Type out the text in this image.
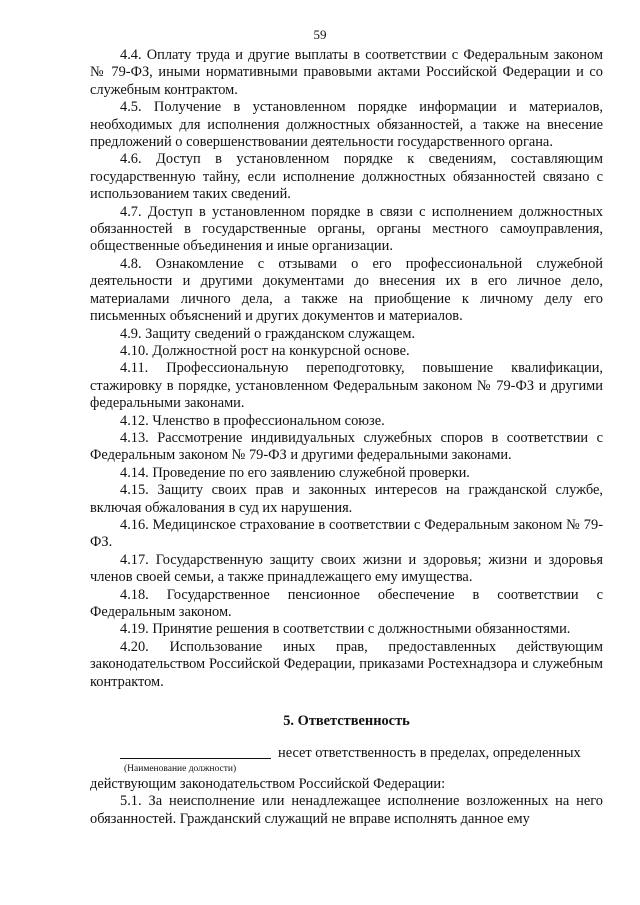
59

4.4. Оплату труда и другие выплаты в соответствии с Федеральным законом № 79-ФЗ, иными нормативными правовыми актами Российской Федерации и со служебным контрактом.

4.5. Получение в установленном порядке информации и материалов, необходимых для исполнения должностных обязанностей, а также на внесение предложений о совершенствовании деятельности государственного органа.

4.6. Доступ в установленном порядке к сведениям, составляющим государственную тайну, если исполнение должностных обязанностей связано с использованием таких сведений.

4.7. Доступ в установленном порядке в связи с исполнением должностных обязанностей в государственные органы, органы местного самоуправления, общественные объединения и иные организации.

4.8. Ознакомление с отзывами о его профессиональной служебной деятельности и другими документами до внесения их в его личное дело, материалами личного дела, а также на приобщение к личному делу его письменных объяснений и других документов и материалов.

4.9. Защиту сведений о гражданском служащем.

4.10. Должностной рост на конкурсной основе.

4.11. Профессиональную переподготовку, повышение квалификации, стажировку в порядке, установленном Федеральным законом № 79-ФЗ и другими федеральными законами.

4.12. Членство в профессиональном союзе.

4.13. Рассмотрение индивидуальных служебных споров в соответствии с Федеральным законом № 79-ФЗ и другими федеральными законами.

4.14. Проведение по его заявлению служебной проверки.

4.15. Защиту своих прав и законных интересов на гражданской службе, включая обжалования в суд их нарушения.

4.16. Медицинское страхование в соответствии с Федеральным законом № 79-ФЗ.

4.17. Государственную защиту своих жизни и здоровья; жизни и здоровья членов своей семьи, а также принадлежащего ему имущества.

4.18. Государственное пенсионное обеспечение в соответствии с Федеральным законом.

4.19. Принятие решения в соответствии с должностными обязанностями.

4.20. Использование иных прав, предоставленных действующим законодательством Российской Федерации, приказами Ростехнадзора и служебным контрактом.

5. Ответственность
несет ответственность в пределах, определенных
(Наименование должности)

действующим законодательством Российской Федерации:

5.1. За неисполнение или ненадлежащее исполнение возложенных на него обязанностей. Гражданский служащий не вправе исполнять данное ему
